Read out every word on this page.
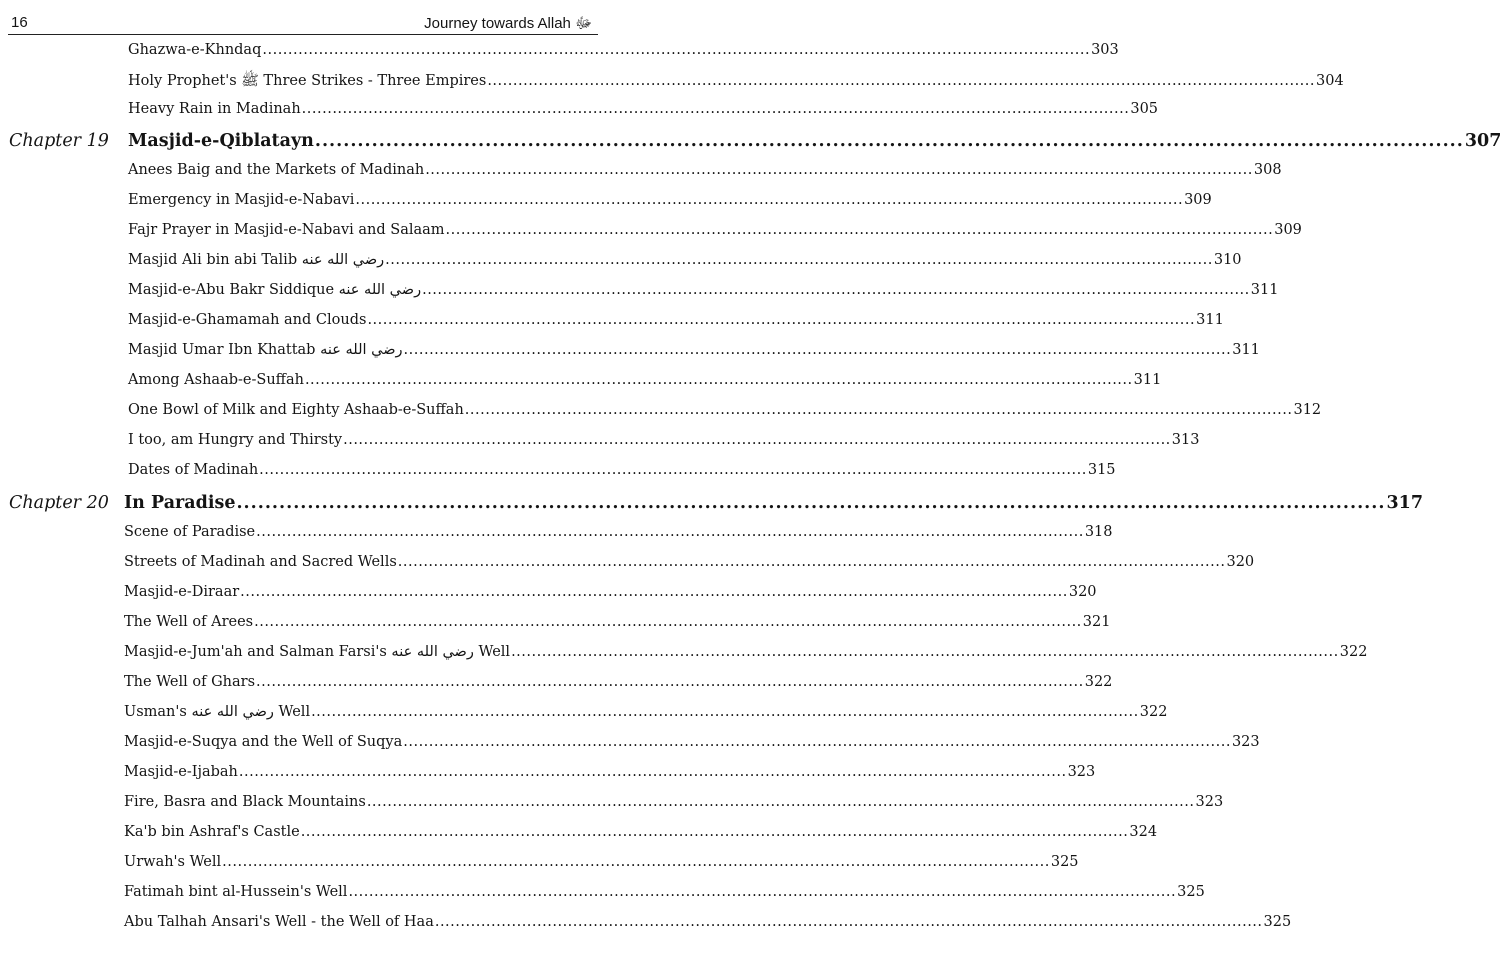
16	Journey towards Allah ﷻ
Ghazwa-e-Khndaq .....	303
Holy Prophet's ﷺ Three Strikes - Three Empires .....	304
Heavy Rain in Madinah .....	305
Chapter 19	Masjid-e-Qiblatayn .....	307
Anees Baig and the Markets of Madinah .....	308
Emergency in Masjid-e-Nabavi .....	309
Fajr Prayer in Masjid-e-Nabavi and Salaam .....	309
Masjid Ali bin abi Talib رضي الله عنه .....	310
Masjid-e-Abu Bakr Siddique رضي الله عنه .....	311
Masjid-e-Ghamamah and Clouds .....	311
Masjid Umar Ibn Khattab رضي الله عنه .....	311
Among Ashaab-e-Suffah .....	311
One Bowl of Milk and Eighty Ashaab-e-Suffah .....	312
I too, am Hungry and Thirsty .....	313
Dates of Madinah .....	315
Chapter 20 In Paradise .....	317
Scene of Paradise .....	318
Streets of Madinah and Sacred Wells .....	320
Masjid-e-Diraar .....	320
The Well of Arees .....	321
Masjid-e-Jum'ah and Salman Farsi's رضي الله عنه Well .....	322
The Well of Ghars .....	322
Usman's رضي الله عنه Well .....	322
Masjid-e-Suqya and the Well of Suqya .....	323
Masjid-e-Ijabah .....	323
Fire, Basra and Black Mountains .....	323
Ka'b bin Ashraf's Castle .....	324
Urwah's Well .....	325
Fatimah bint al-Hussein's Well .....	325
Abu Talhah Ansari's Well - the Well of Haa .....	325
